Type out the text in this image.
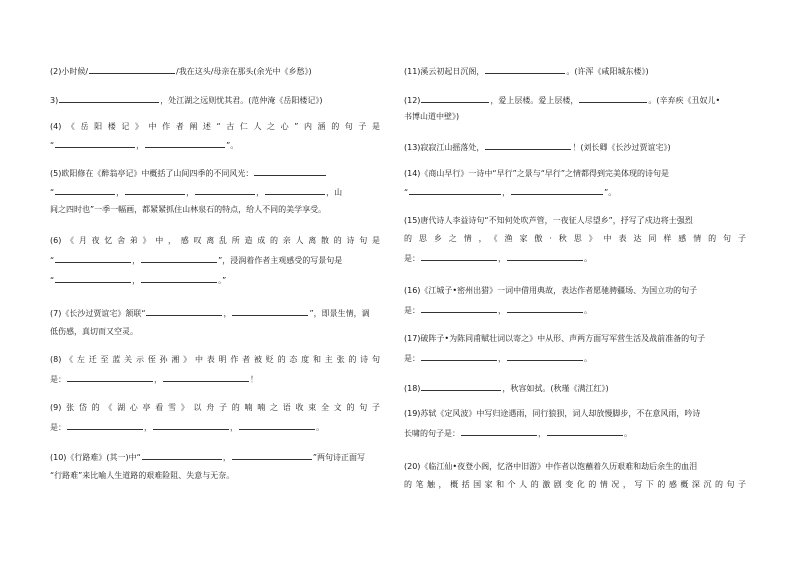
(2)小时候/	/我在这头/母亲在那头(余光中《乡愁》)
3)	，处江湖之远则忧其君。(范仲淹《岳阳楼记》)
(4)《岳阳楼记》中作者阐述“古仁人之心”内涵的句子是
“	，	”。
(5)欧阳修在《醉翁亭记》中概括了山间四季的不同风光：
“	，	，	，	，山
间之四时也”一季一幅画，都紧紧抓住山林泉石的特点，给人不同的美学享受。
(6)《月夜忆舍弟》中，感叹离乱所造成的亲人离散的诗句是
“	，	”，浸润着作者主观感受的写景句是
“	，	。”
(7)《长沙过贾谊宅》颔联“	，	”，即景生情，调
低伤感，真切而又空灵。
(8)《左迁至蓝关示侄孙湘》中表明作者被贬的态度和主张的诗句
是：	，	！
(9)张岱的《湖心亭看雪》以舟子的喃喃之语收束全文的句子
是：	，	，	。
(10)《行路难》(其一)中“	，	”两句诗正面写
“行路难”来比喻人生道路的艰难险阻、失意与无奈。
(11)溪云初起日沉阁，	。(许浑《咸阳城东楼》)
(12)	，爱上层楼。爱上层楼，	。(辛弃疾《丑奴儿•
书博山道中壁》)
(13)寂寂江山摇落处，	！(刘长卿《长沙过贾谊宅》)
(14)《商山早行》一诗中“早行”之景与“早行”之情都得到完美体现的诗句是
“	，	”。
(15)唐代诗人李益诗句“不知何处吹芦管，一夜征人尽望乡”，抒写了戍边将士强烈
的思乡之情，《渔家傲·秋思》中表达同样感情的句子
是：	，	。
(16)《江城子•密州出猎》一词中借用典故，表达作者愿驰骋疆场、为国立功的句子
是：	，	。
(17)破阵子•为陈同甫赋壮词以寄之》中从形、声两方面写军营生活及战前准备的句子
是：	，	。
(18)	，秋容如拭。(秋瑾《满江红》)
(19)苏轼《定风波》中写归途遇雨，同行狼狈，词人却放慢脚步，不在意风雨，吟诗
长啸的句子是：	，	。
(20)《临江仙•夜登小阁，忆洛中旧游》中作者以饱蘸着久历艰难和劫后余生的血泪
的笔触，概括国家和个人的激剧变化的情况，写下的感概深沉的句子
